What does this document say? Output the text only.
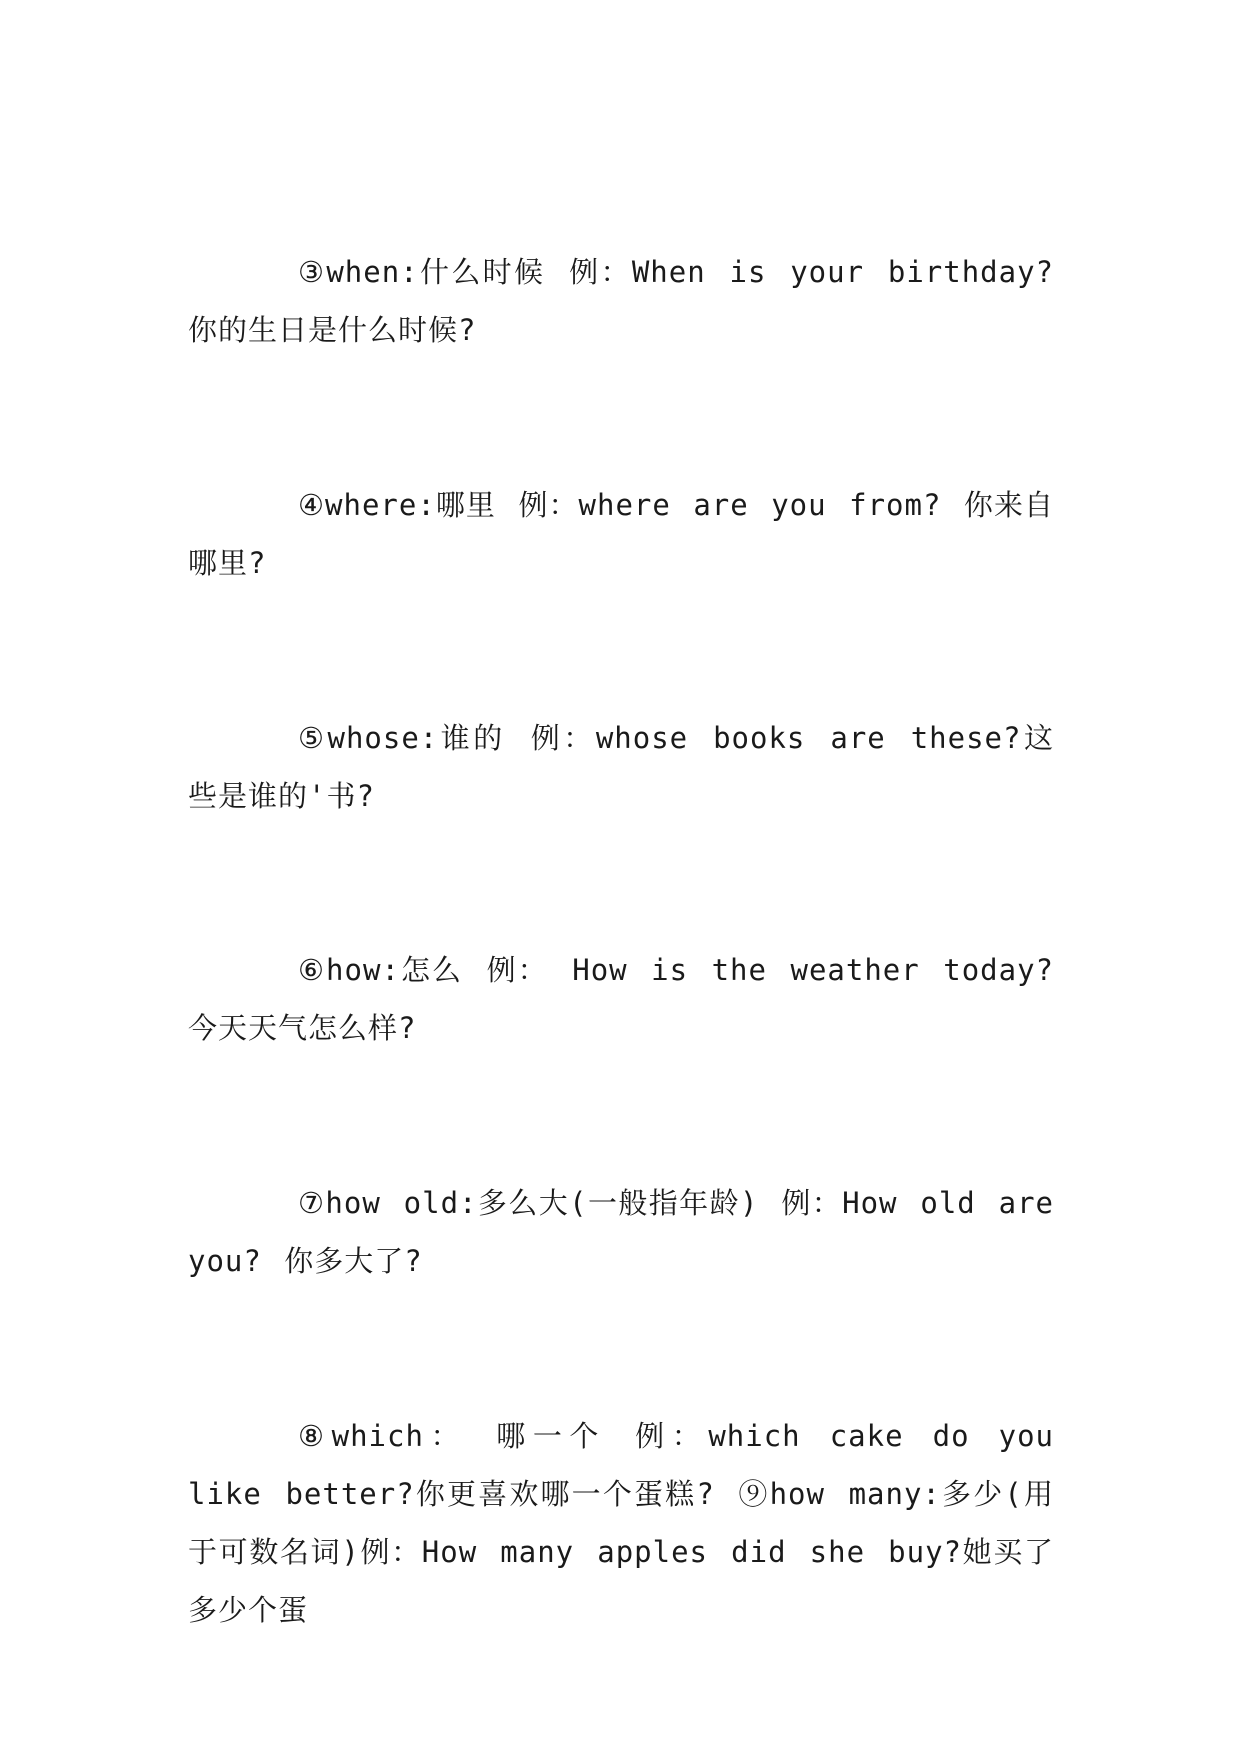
③when:什么时候 例：When is your birthday? 你的生日是什么时候?

④where:哪里 例：where are you from? 你来自哪里?

⑤whose:谁的 例：whose books are these?这些是谁的'书?

⑥how:怎么 例： How is the weather today? 今天天气怎么样?

⑦how old:多么大(一般指年龄) 例：How old are you? 你多大了?

⑧which： 哪一个 例：which cake do you like better?你更喜欢哪一个蛋糕? ⑨how many:多少(用于可数名词)例：How many apples did she buy?她买了多少个蛋
